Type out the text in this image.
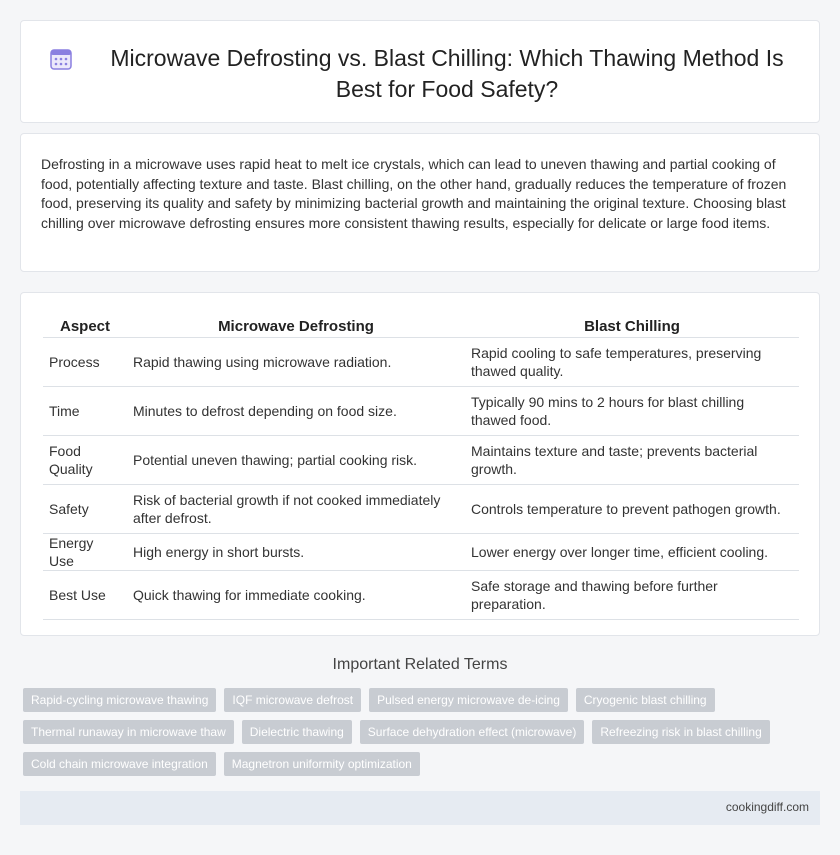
Microwave Defrosting vs. Blast Chilling: Which Thawing Method Is Best for Food Safety?

Defrosting in a microwave uses rapid heat to melt ice crystals, which can lead to uneven thawing and partial cooking of food, potentially affecting texture and taste. Blast chilling, on the other hand, gradually reduces the temperature of frozen food, preserving its quality and safety by minimizing bacterial growth and maintaining the original texture. Choosing blast chilling over microwave defrosting ensures more consistent thawing results, especially for delicate or large food items.

Aspect	Microwave Defrosting	Blast Chilling
Process	Rapid thawing using microwave radiation.	Rapid cooling to safe temperatures, preserving thawed quality.
Time	Minutes to defrost depending on food size.	Typically 90 mins to 2 hours for blast chilling thawed food.
Food Quality	Potential uneven thawing; partial cooking risk.	Maintains texture and taste; prevents bacterial growth.
Safety	Risk of bacterial growth if not cooked immediately after defrost.	Controls temperature to prevent pathogen growth.
Energy Use	High energy in short bursts.	Lower energy over longer time, efficient cooling.
Best Use	Quick thawing for immediate cooking.	Safe storage and thawing before further preparation.
Important Related Terms
Rapid-cycling microwave thawing	IQF microwave defrost	Pulsed energy microwave de-icing	Cryogenic blast chilling
Thermal runaway in microwave thaw	Dielectric thawing	Surface dehydration effect (microwave)	Refreezing risk in blast chilling
Cold chain microwave integration	Magnetron uniformity optimization
cookingdiff.com
